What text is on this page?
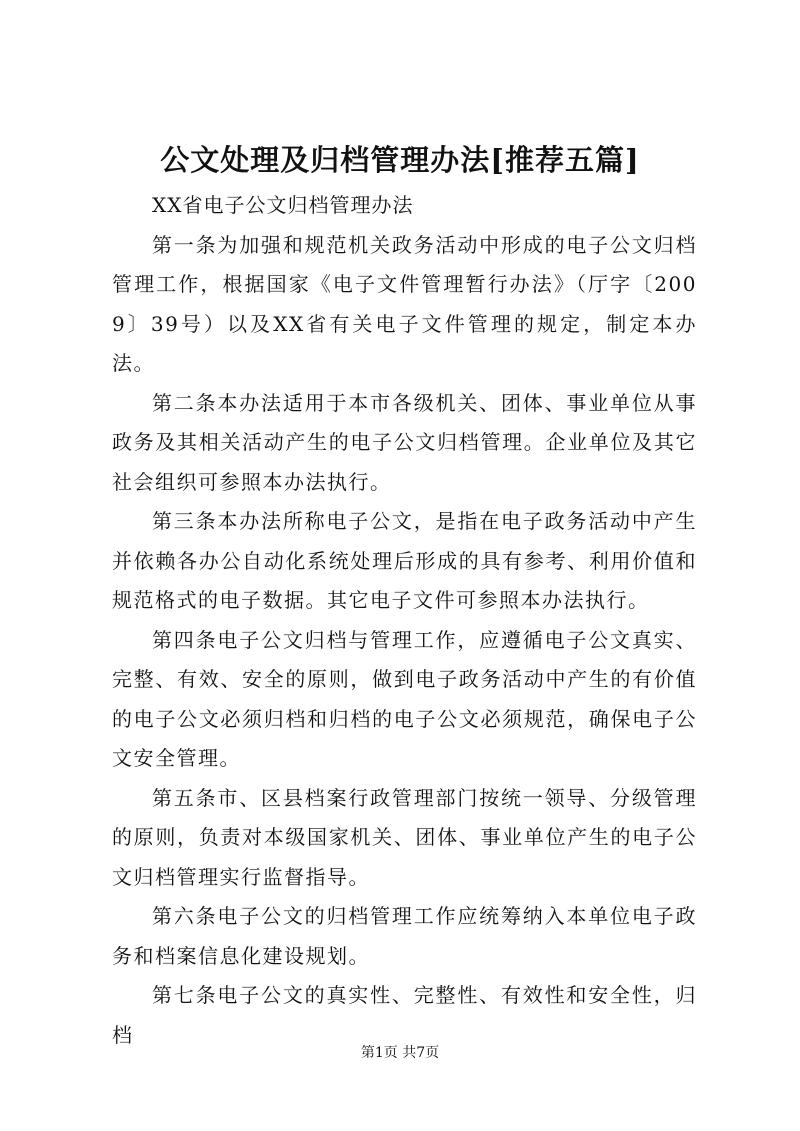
公文处理及归档管理办法[推荐五篇]

XX省电子公文归档管理办法

第一条为加强和规范机关政务活动中形成的电子公文归档管理工作，根据国家《电子文件管理暂行办法》（厅字〔2009〕39号）以及XX省有关电子文件管理的规定，制定本办法。

第二条本办法适用于本市各级机关、团体、事业单位从事政务及其相关活动产生的电子公文归档管理。企业单位及其它社会组织可参照本办法执行。

第三条本办法所称电子公文，是指在电子政务活动中产生并依赖各办公自动化系统处理后形成的具有参考、利用价值和规范格式的电子数据。其它电子文件可参照本办法执行。

第四条电子公文归档与管理工作，应遵循电子公文真实、完整、有效、安全的原则，做到电子政务活动中产生的有价值的电子公文必须归档和归档的电子公文必须规范，确保电子公文安全管理。

第五条市、区县档案行政管理部门按统一领导、分级管理的原则，负责对本级国家机关、团体、事业单位产生的电子公文归档管理实行监督指导。

第六条电子公文的归档管理工作应统筹纳入本单位电子政务和档案信息化建设规划。

第七条电子公文的真实性、完整性、有效性和安全性，归档

第1页 共7页
